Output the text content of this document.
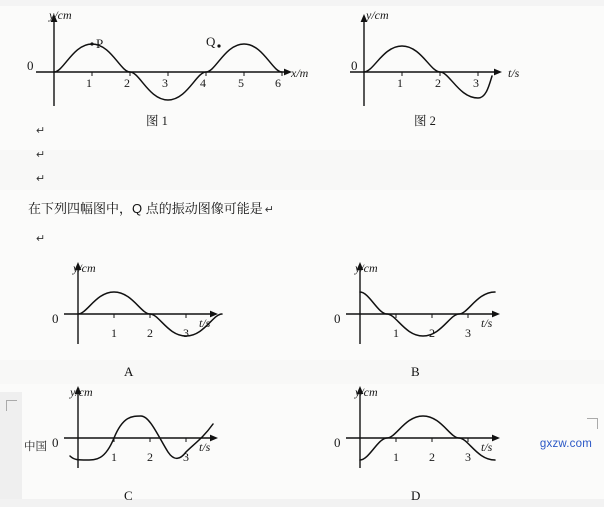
y/cm
0
1	2	3	4	5	6
x/m
P	Q
图 1
y/cm
0
1	2	3
t/s
图 2
↵
↵
↵
在下列四幅图中，Q 点的振动图像可能是 ↵
↵
y/cm
0
1	2	3
t/s
A
y/cm
0
1	2	3
t/s
B
y/cm
0
1	2	3
t/s
C
y/cm
0
1	2	3
t/s
D
中国	gxzw.com
